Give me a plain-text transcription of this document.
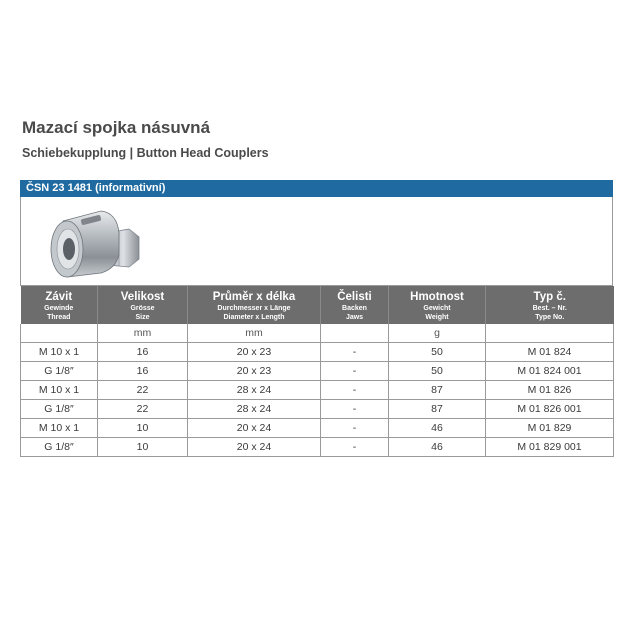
Mazací spojka násuvná
Schiebekupplung | Button Head Couplers
ČSN 23 1481 (informativní)
Závit
Gewinde
Thread	Velikost
Grösse
Size	Průměr x délka
Durchmesser x Länge
Diameter x Length	Čelisti
Backen
Jaws	Hmotnost
Gewicht
Weight	Typ č.
Best. – Nr.
Type No.

	mm	mm		g	
M 10 x 1	16	20 x 23	-	50	M 01 824
G 1/8″	16	20 x 23	-	50	M 01 824 001
M 10 x 1	22	28 x 24	-	87	M 01 826
G 1/8″	22	28 x 24	-	87	M 01 826 001
M 10 x 1	10	20 x 24	-	46	M 01 829
G 1/8″	10	20 x 24	-	46	M 01 829 001
